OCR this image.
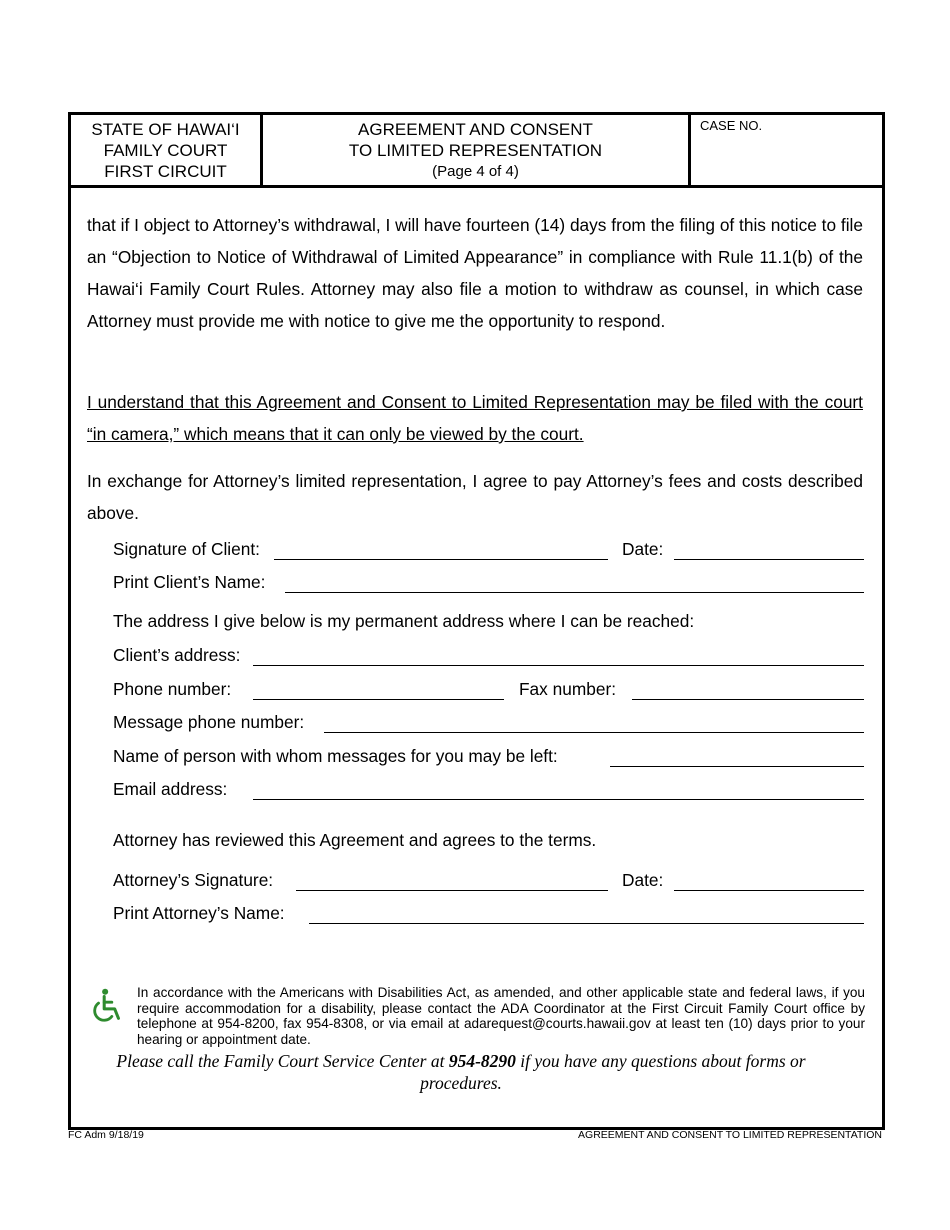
STATE OF HAWAI‘I
FAMILY COURT
FIRST CIRCUIT
AGREEMENT AND CONSENT
TO LIMITED REPRESENTATION
(Page 4 of 4)
CASE NO.
that if I object to Attorney’s withdrawal, I will have fourteen (14) days from the filing of this notice to file an “Objection to Notice of Withdrawal of Limited Appearance” in compliance with Rule 11.1(b) of the Hawai‘i Family Court Rules. Attorney may also file a motion to withdraw as counsel, in which case Attorney must provide me with notice to give me the opportunity to respond.
I understand that this Agreement and Consent to Limited Representation may be filed with the court “in camera,” which means that it can only be viewed by the court.
In exchange for Attorney’s limited representation, I agree to pay Attorney’s fees and costs described above.
Signature of Client:	Date:
Print Client’s Name:
The address I give below is my permanent address where I can be reached:
Client’s address:
Phone number:	Fax number:
Message phone number:
Name of person with whom messages for you may be left:
Email address:
Attorney has reviewed this Agreement and agrees to the terms.
Attorney’s Signature:	Date:
Print Attorney’s Name:
In accordance with the Americans with Disabilities Act, as amended, and other applicable state and federal laws, if you require accommodation for a disability, please contact the ADA Coordinator at the First Circuit Family Court office by telephone at 954-8200, fax 954-8308, or via email at adarequest@courts.hawaii.gov at least ten (10) days prior to your hearing or appointment date.
Please call the Family Court Service Center at 954-8290 if you have any questions about forms or procedures.
FC Adm 9/18/19	AGREEMENT AND CONSENT TO LIMITED REPRESENTATION
